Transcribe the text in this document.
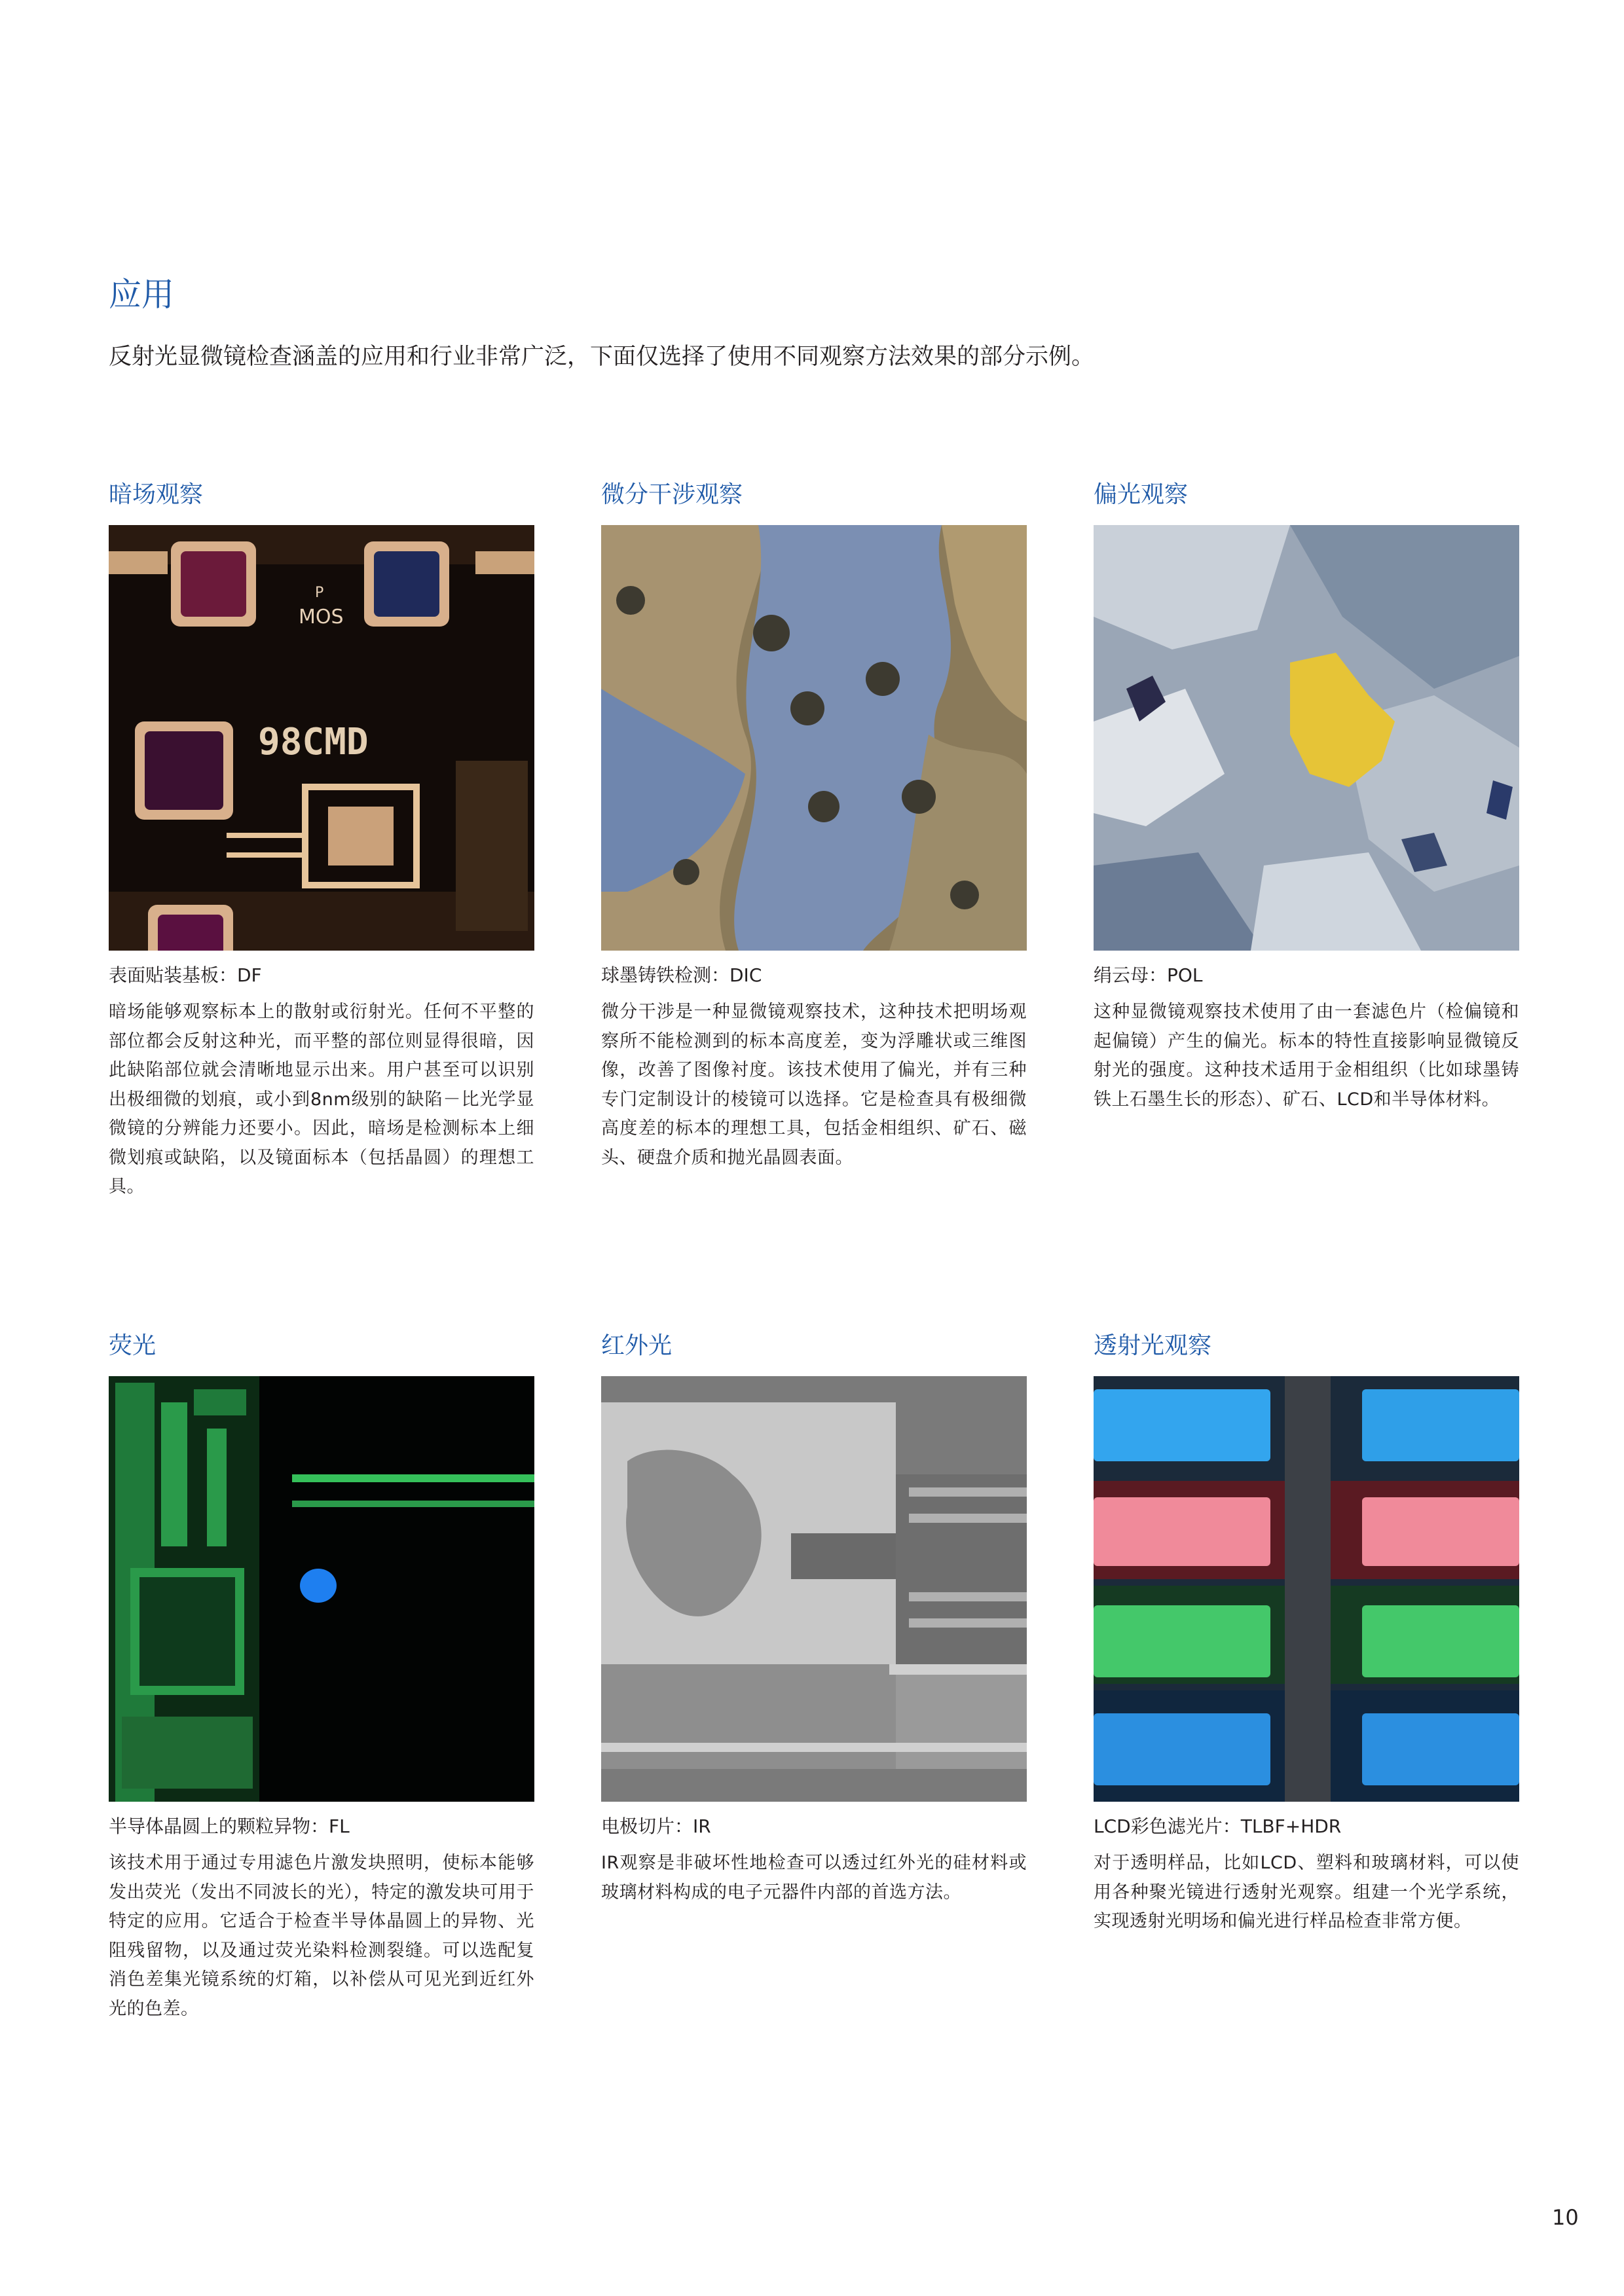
应用

反射光显微镜检查涵盖的应用和行业非常广泛，下面仅选择了使用不同观察方法效果的部分示例。

暗场观察
P
MOS
98CMD
表面贴装基板：DF

暗场能够观察标本上的散射或衍射光。任何不平整的部位都会反射这种光，而平整的部位则显得很暗，因此缺陷部位就会清晰地显示出来。用户甚至可以识别出极细微的划痕，或小到8nm级别的缺陷－比光学显微镜的分辨能力还要小。因此，暗场是检测标本上细微划痕或缺陷，以及镜面标本（包括晶圆）的理想工具。

微分干涉观察
球墨铸铁检测：DIC

微分干涉是一种显微镜观察技术，这种技术把明场观察所不能检测到的标本高度差，变为浮雕状或三维图像，改善了图像衬度。该技术使用了偏光，并有三种专门定制设计的棱镜可以选择。它是检查具有极细微高度差的标本的理想工具，包括金相组织、矿石、磁头、硬盘介质和抛光晶圆表面。

偏光观察
绢云母：POL

这种显微镜观察技术使用了由一套滤色片（检偏镜和起偏镜）产生的偏光。标本的特性直接影响显微镜反射光的强度。这种技术适用于金相组织（比如球墨铸铁上石墨生长的形态）、矿石、LCD和半导体材料。

荧光
半导体晶圆上的颗粒异物：FL

该技术用于通过专用滤色片激发块照明，使标本能够发出荧光（发出不同波长的光），特定的激发块可用于特定的应用。它适合于检查半导体晶圆上的异物、光阻残留物，以及通过荧光染料检测裂缝。可以选配复消色差集光镜系统的灯箱，以补偿从可见光到近红外光的色差。

红外光
电极切片：IR

IR观察是非破坏性地检查可以透过红外光的硅材料或玻璃材料构成的电子元器件内部的首选方法。

透射光观察
LCD彩色滤光片：TLBF+HDR

对于透明样品，比如LCD、塑料和玻璃材料，可以使用各种聚光镜进行透射光观察。组建一个光学系统，实现透射光明场和偏光进行样品检查非常方便。

10
